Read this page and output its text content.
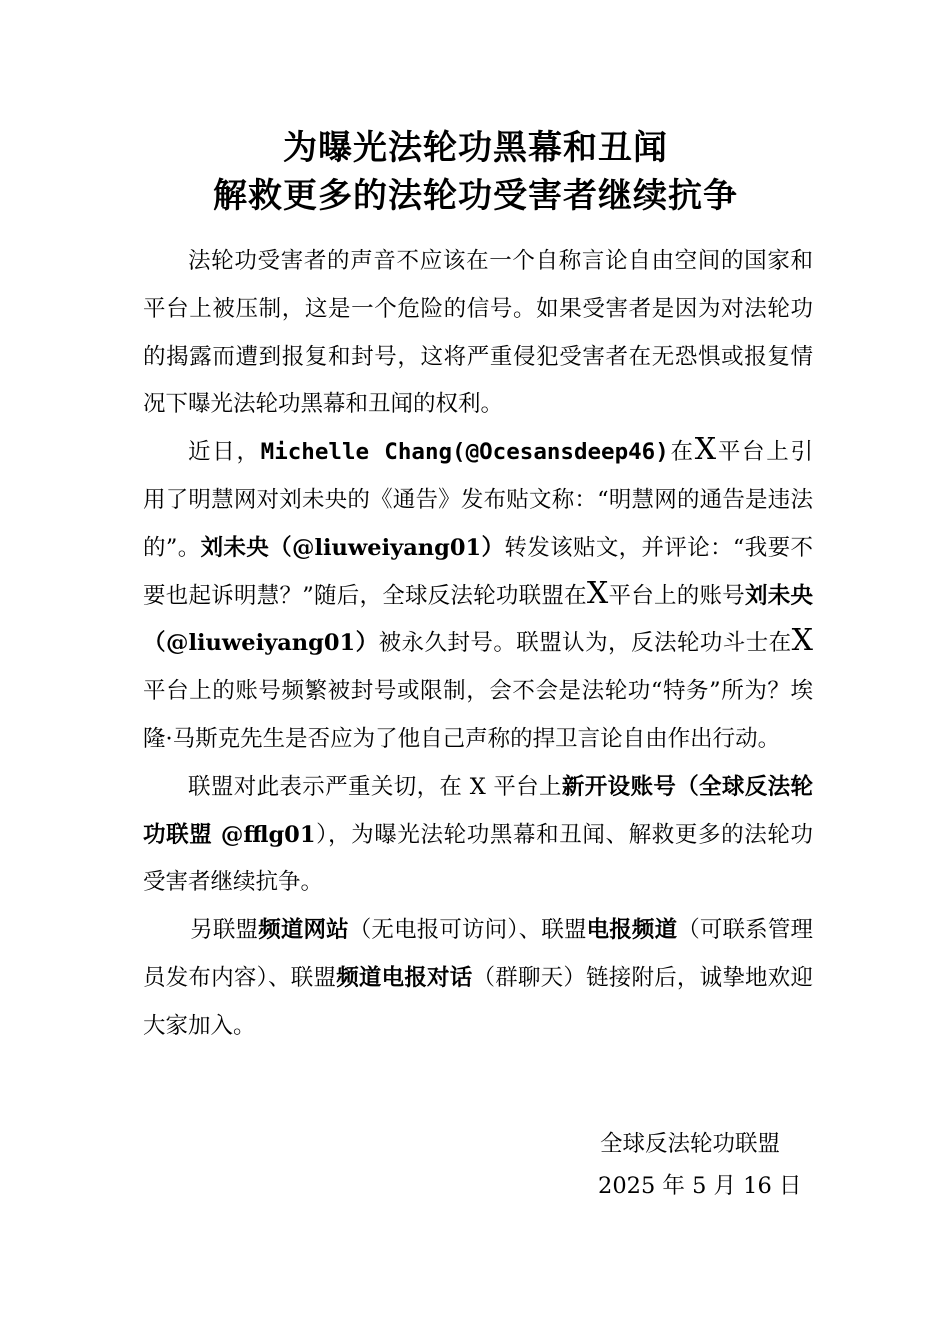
为曝光法轮功黑幕和丑闻
解救更多的法轮功受害者继续抗争

法轮功受害者的声音不应该在一个自称言论自由空间的国家和平台上被压制，这是一个危险的信号。如果受害者是因为对法轮功的揭露而遭到报复和封号，这将严重侵犯受害者在无恐惧或报复情况下曝光法轮功黑幕和丑闻的权利。

近日，Michelle Chang(@Ocesansdeep46)在X平台上引用了明慧网对刘未央的《通告》发布贴文称：“明慧网的通告是违法的”。刘未央（@liuweiyang01）转发该贴文，并评论：“我要不要也起诉明慧？”随后，全球反法轮功联盟在X平台上的账号刘未央（@liuweiyang01）被永久封号。联盟认为，反法轮功斗士在X平台上的账号频繁被封号或限制，会不会是法轮功“特务”所为？埃隆·马斯克先生是否应为了他自己声称的捍卫言论自由作出行动。

联盟对此表示严重关切，在 X 平台上新开设账号（全球反法轮功联盟 @fflg01），为曝光法轮功黑幕和丑闻、解救更多的法轮功受害者继续抗争。

另联盟频道网站（无电报可访问）、联盟电报频道（可联系管理员发布内容）、联盟频道电报对话（群聊天）链接附后，诚挚地欢迎大家加入。

全球反法轮功联盟
2025 年 5 月 16 日
